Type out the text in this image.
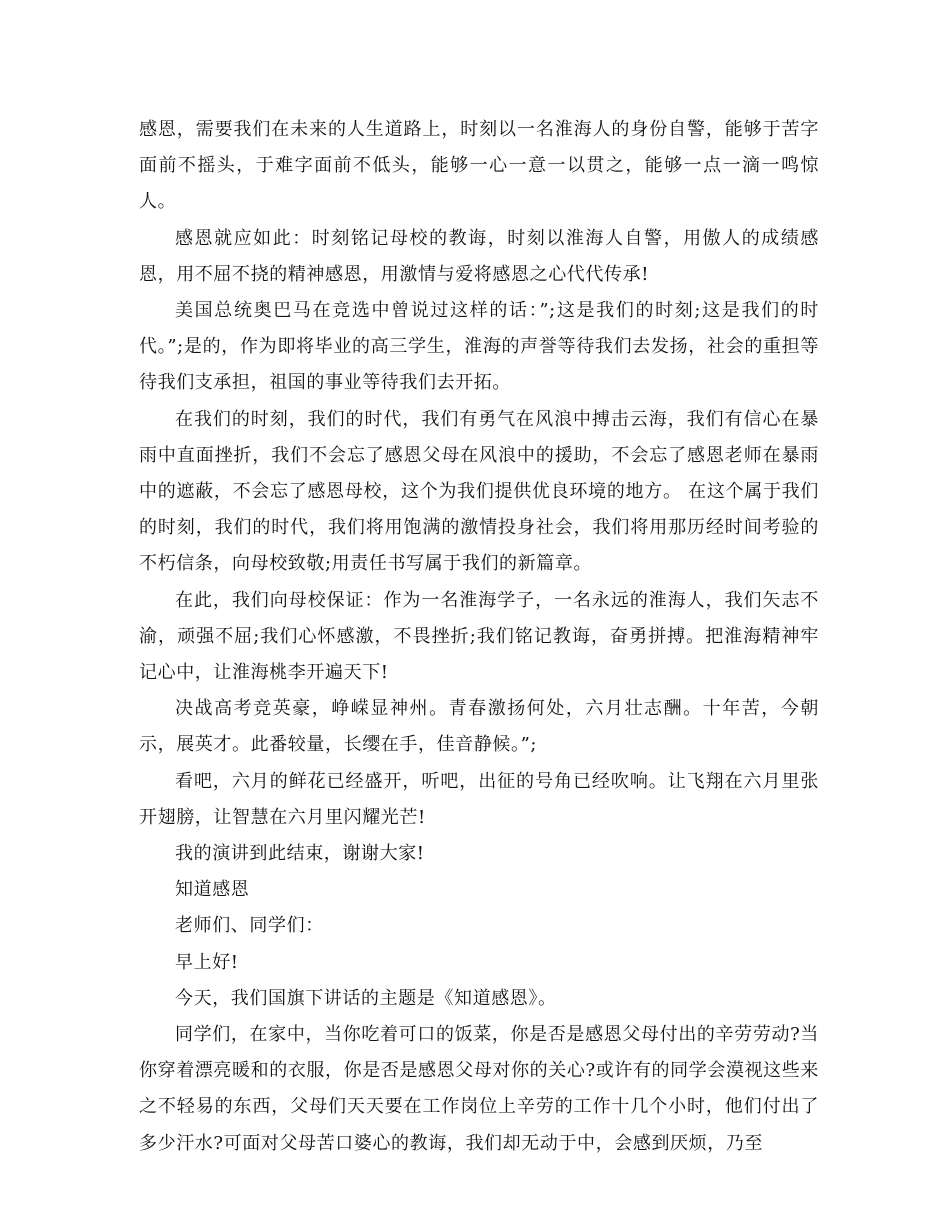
感恩，需要我们在未来的人生道路上，时刻以一名淮海人的身份自警，能够于苦字面前不摇头，于难字面前不低头，能够一心一意一以贯之，能够一点一滴一鸣惊人。

感恩就应如此：时刻铭记母校的教诲，时刻以淮海人自警，用傲人的成绩感恩，用不屈不挠的精神感恩，用激情与爱将感恩之心代代传承!

美国总统奥巴马在竞选中曾说过这样的话：”;这是我们的时刻;这是我们的时代。”;是的，作为即将毕业的高三学生，淮海的声誉等待我们去发扬，社会的重担等待我们支承担，祖国的事业等待我们去开拓。

在我们的时刻，我们的时代，我们有勇气在风浪中搏击云海，我们有信心在暴雨中直面挫折，我们不会忘了感恩父母在风浪中的援助，不会忘了感恩老师在暴雨中的遮蔽，不会忘了感恩母校，这个为我们提供优良环境的地方。 在这个属于我们的时刻，我们的时代，我们将用饱满的激情投身社会，我们将用那历经时间考验的不朽信条，向母校致敬;用责任书写属于我们的新篇章。

在此，我们向母校保证：作为一名淮海学子，一名永远的淮海人，我们矢志不渝，顽强不屈;我们心怀感激，不畏挫折;我们铭记教诲，奋勇拼搏。把淮海精神牢记心中，让淮海桃李开遍天下!

决战高考竞英豪，峥嵘显神州。青春激扬何处，六月壮志酬。十年苦，今朝示，展英才。此番较量，长缨在手，佳音静候。”;

看吧，六月的鲜花已经盛开，听吧，出征的号角已经吹响。让飞翔在六月里张开翅膀，让智慧在六月里闪耀光芒!

我的演讲到此结束，谢谢大家!

知道感恩

老师们、同学们：

早上好!

今天，我们国旗下讲话的主题是《知道感恩》。

同学们，在家中，当你吃着可口的饭菜，你是否是感恩父母付出的辛劳劳动?当你穿着漂亮暖和的衣服，你是否是感恩父母对你的关心?或许有的同学会漠视这些来之不轻易的东西，父母们天天要在工作岗位上辛劳的工作十几个小时，他们付出了多少汗水?可面对父母苦口婆心的教诲，我们却无动于中，会感到厌烦，乃至
